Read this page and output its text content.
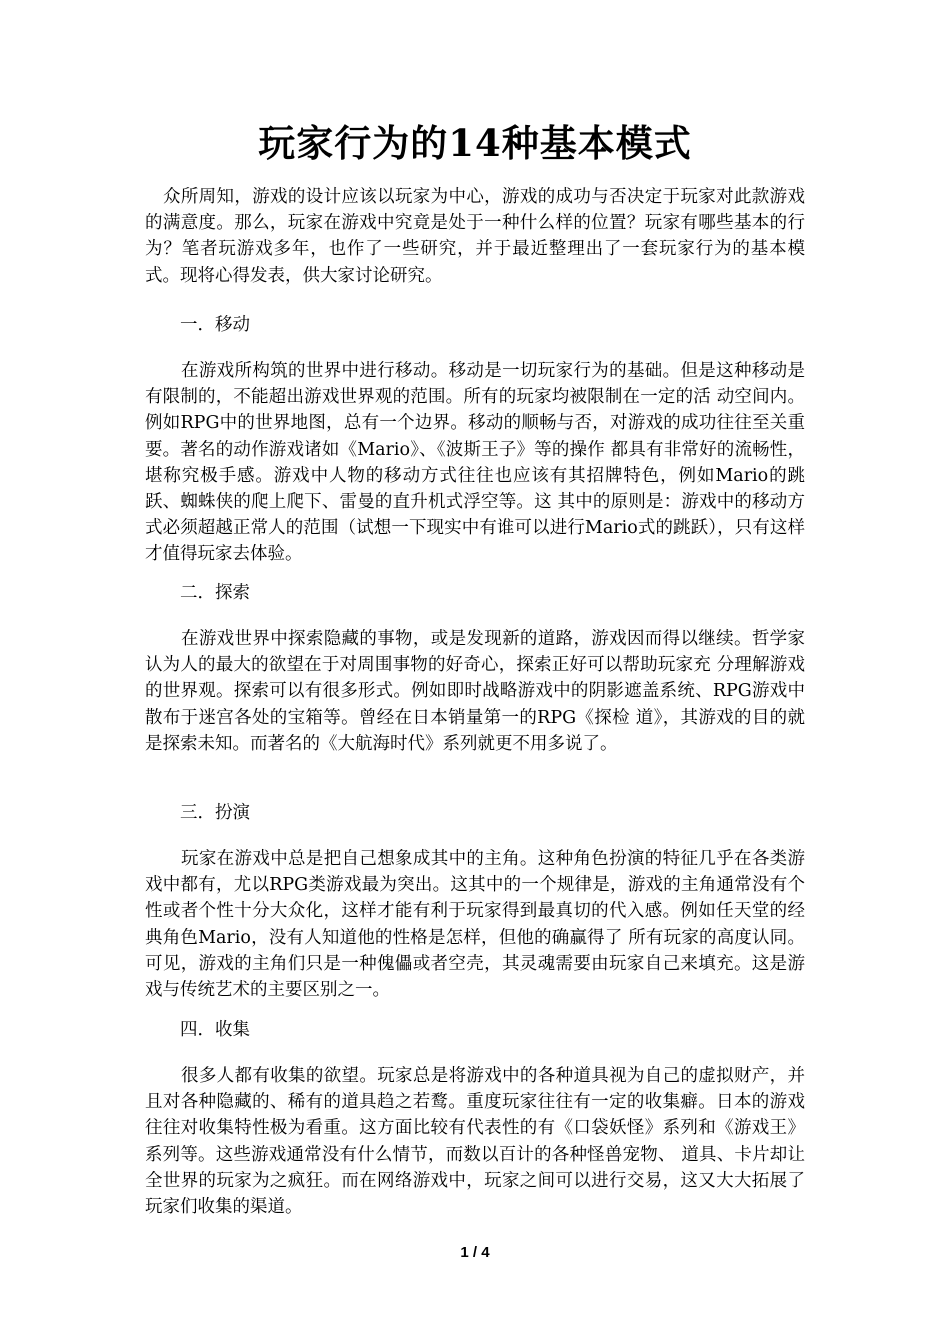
玩家行为的14种基本模式

众所周知，游戏的设计应该以玩家为中心，游戏的成功与否决定于玩家对此款游戏的满意度。那么，玩家在游戏中究竟是处于一种什么样的位置？玩家有哪些基本的行为？笔者玩游戏多年，也作了一些研究，并于最近整理出了一套玩家行为的基本模式。现将心得发表，供大家讨论研究。

一．移动

在游戏所构筑的世界中进行移动。移动是一切玩家行为的基础。但是这种移动是有限制的，不能超出游戏世界观的范围。所有的玩家均被限制在一定的活 动空间内。例如RPG中的世界地图，总有一个边界。移动的顺畅与否，对游戏的成功往往至关重要。著名的动作游戏诸如《Mario》、《波斯王子》等的操作 都具有非常好的流畅性，堪称究极手感。游戏中人物的移动方式往往也应该有其招牌特色，例如Mario的跳跃、蜘蛛侠的爬上爬下、雷曼的直升机式浮空等。这 其中的原则是：游戏中的移动方式必须超越正常人的范围（试想一下现实中有谁可以进行Mario式的跳跃），只有这样才值得玩家去体验。

二．探索

在游戏世界中探索隐藏的事物，或是发现新的道路，游戏因而得以继续。哲学家认为人的最大的欲望在于对周围事物的好奇心，探索正好可以帮助玩家充 分理解游戏的世界观。探索可以有很多形式。例如即时战略游戏中的阴影遮盖系统、RPG游戏中散布于迷宫各处的宝箱等。曾经在日本销量第一的RPG《探检 道》，其游戏的目的就是探索未知。而著名的《大航海时代》系列就更不用多说了。

三．扮演

玩家在游戏中总是把自己想象成其中的主角。这种角色扮演的特征几乎在各类游戏中都有，尤以RPG类游戏最为突出。这其中的一个规律是，游戏的主角通常没有个性或者个性十分大众化，这样才能有利于玩家得到最真切的代入感。例如任天堂的经典角色Mario，没有人知道他的性格是怎样，但他的确赢得了 所有玩家的高度认同。可见，游戏的主角们只是一种傀儡或者空壳，其灵魂需要由玩家自己来填充。这是游戏与传统艺术的主要区别之一。

四．收集

很多人都有收集的欲望。玩家总是将游戏中的各种道具视为自己的虚拟财产，并且对各种隐藏的、稀有的道具趋之若鹜。重度玩家往往有一定的收集癖。日本的游戏往往对收集特性极为看重。这方面比较有代表性的有《口袋妖怪》系列和《游戏王》系列等。这些游戏通常没有什么情节，而数以百计的各种怪兽宠物、 道具、卡片却让全世界的玩家为之疯狂。而在网络游戏中，玩家之间可以进行交易，这又大大拓展了玩家们收集的渠道。

1 / 4
